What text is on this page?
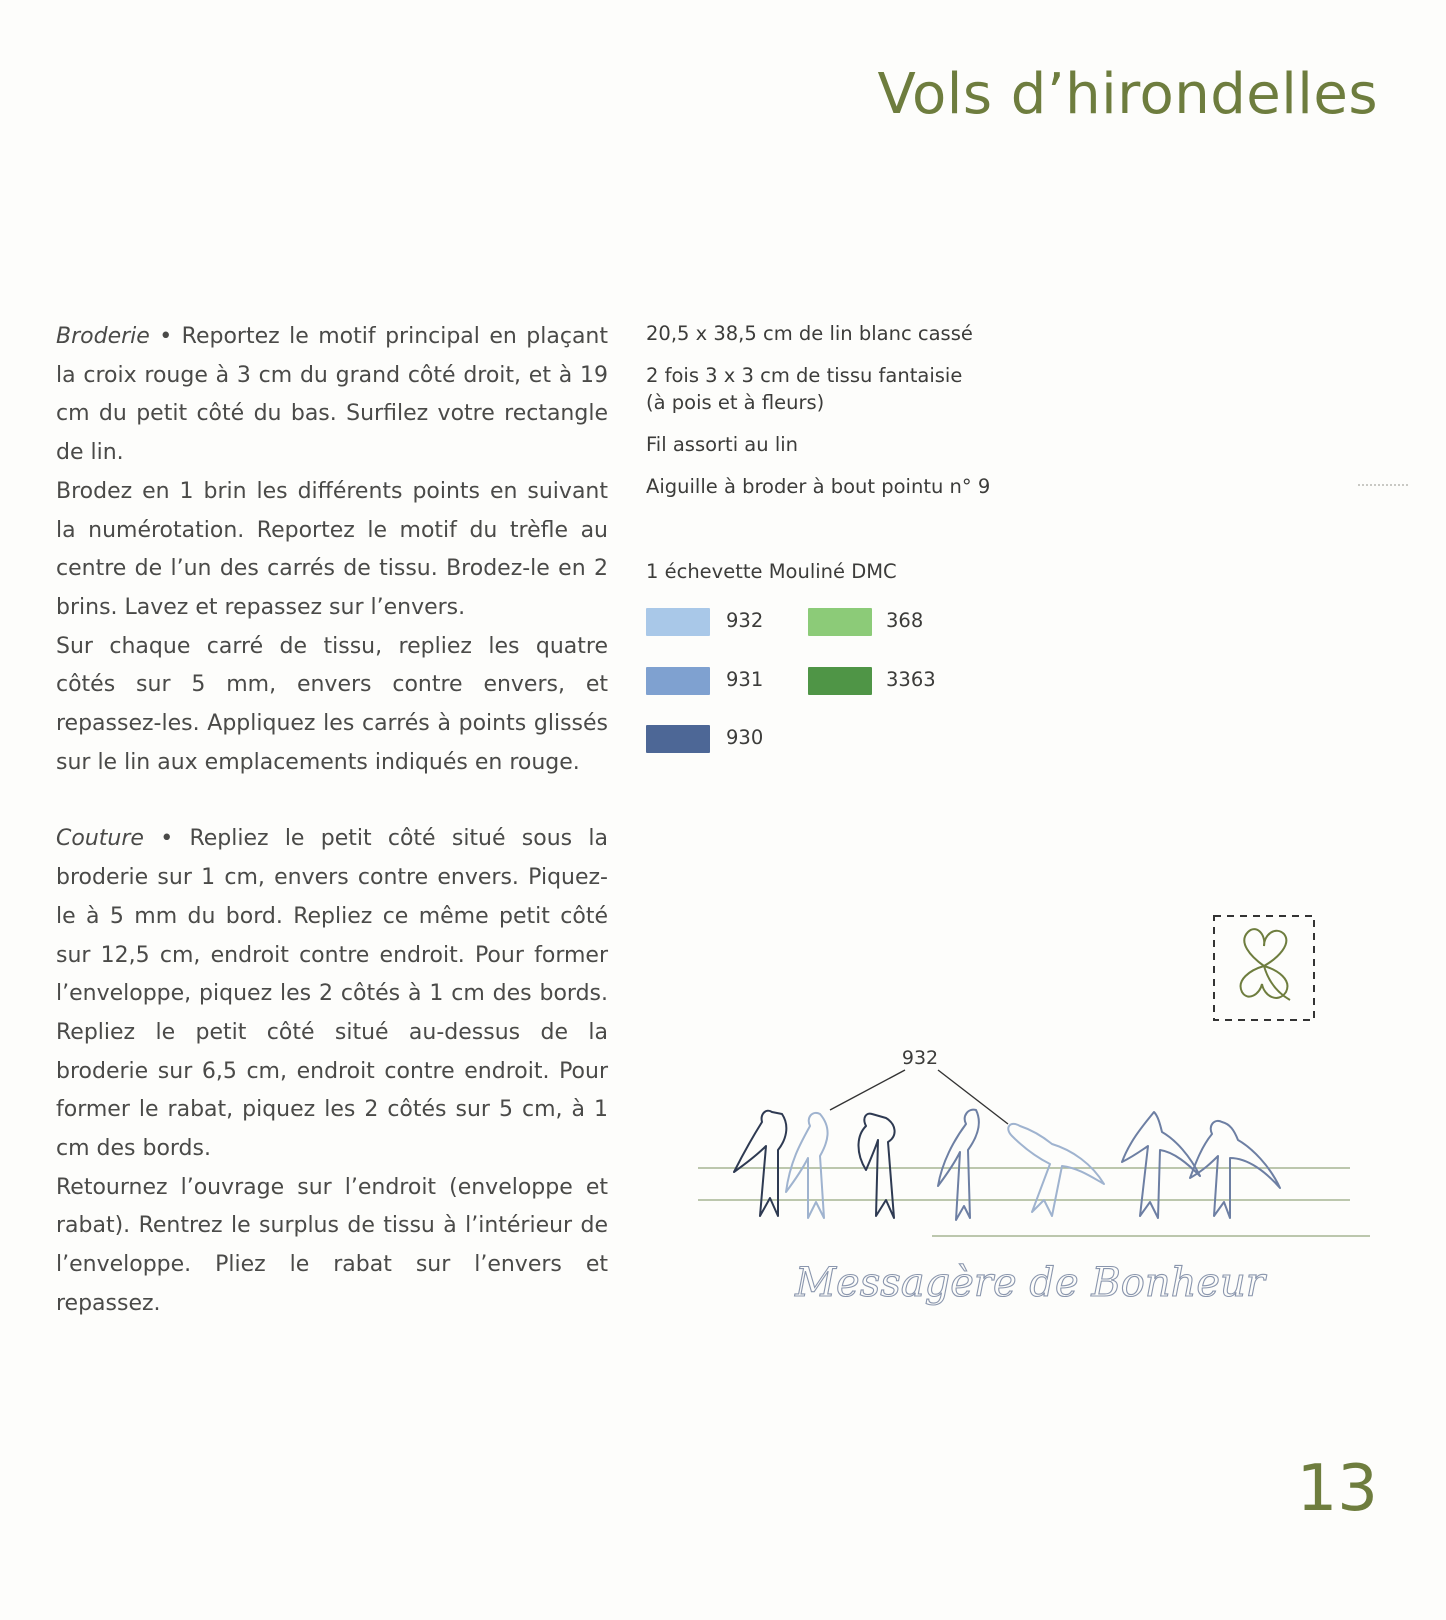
Vols d’hirondelles

Broderie • Reportez le motif principal en plaçant la croix rouge à 3 cm du grand côté droit, et à 19 cm du petit côté du bas. Surfilez votre rectangle de lin.

Brodez en 1 brin les différents points en suivant la numérotation. Reportez le motif du trèfle au centre de l’un des carrés de tissu. Brodez-le en 2 brins. Lavez et repassez sur l’envers.

Sur chaque carré de tissu, repliez les quatre côtés sur 5 mm, envers contre envers, et repassez-les. Appliquez les carrés à points glissés sur le lin aux emplacements indiqués en rouge.

Couture • Repliez le petit côté situé sous la broderie sur 1 cm, envers contre envers. Piquez-le à 5 mm du bord. Repliez ce même petit côté sur 12,5 cm, endroit contre endroit. Pour former l’enveloppe, piquez les 2 côtés à 1 cm des bords. Repliez le petit côté situé au-dessus de la broderie sur 6,5 cm, endroit contre endroit. Pour former le rabat, piquez les 2 côtés sur 5 cm, à 1 cm des bords.

Retournez l’ouvrage sur l’endroit (enveloppe et rabat). Rentrez le surplus de tissu à l’intérieur de l’enveloppe. Pliez le rabat sur l’envers et repassez.

20,5 x 38,5 cm de lin blanc cassé
2 fois 3 x 3 cm de tissu fantaisie
(à pois et à fleurs)
Fil assorti au lin
Aiguille à broder à bout pointu n° 9
1 échevette Mouliné DMC
932
931
930
368
3363
932
Messagère de Bonheur
13
